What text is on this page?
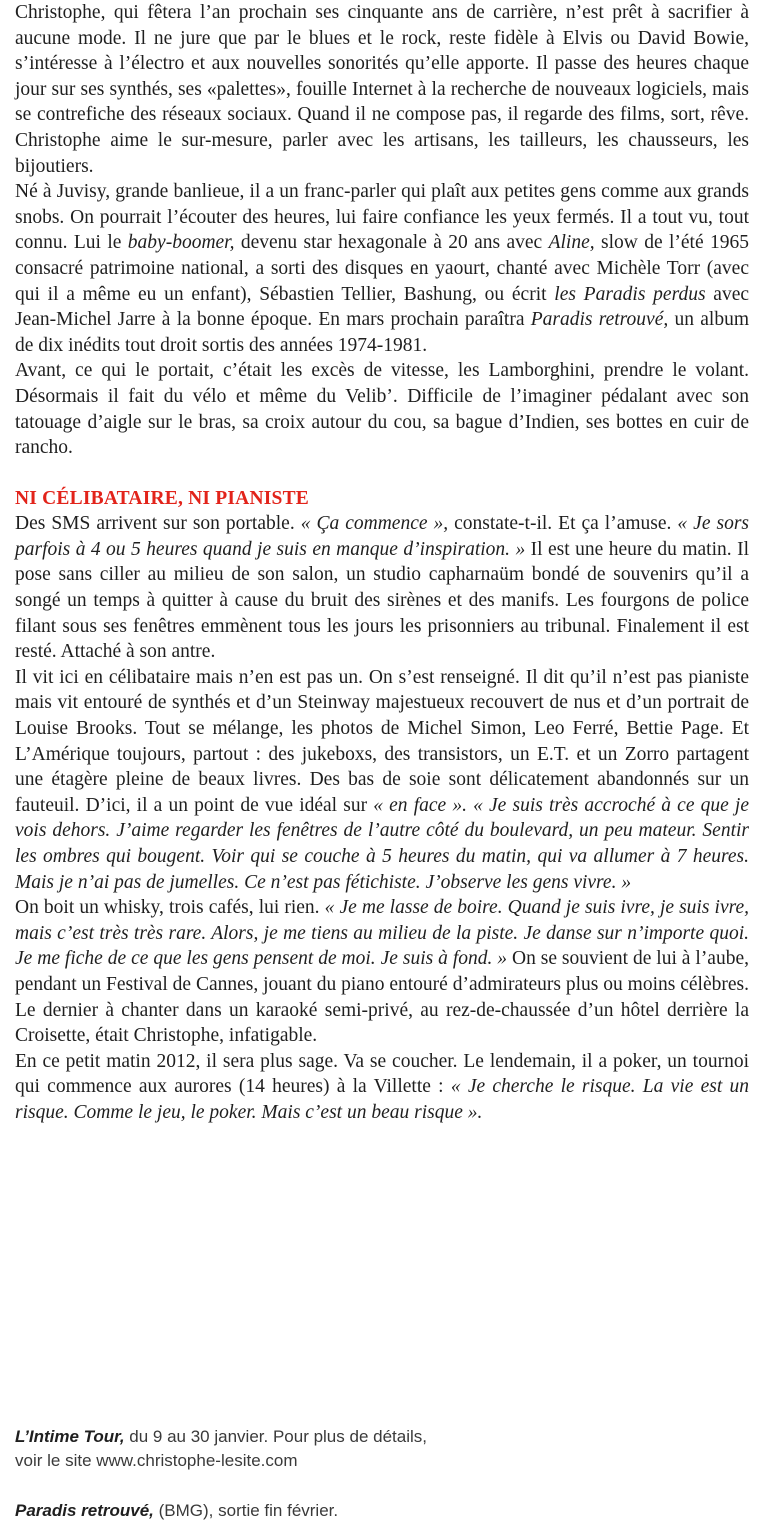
Christophe, qui fêtera l’an prochain ses cinquante ans de carrière, n’est prêt à sacrifier à aucune mode. Il ne jure que par le blues et le rock, reste fidèle à Elvis ou David Bowie, s’intéresse à l’électro et aux nouvelles sonorités qu’elle apporte. Il passe des heures chaque jour sur ses synthés, ses «palettes», fouille Internet à la recherche de nouveaux logiciels, mais se contrefiche des réseaux sociaux. Quand il ne compose pas, il regarde des films, sort, rêve. Christophe aime le sur-mesure, parler avec les artisans, les tailleurs, les chausseurs, les bijoutiers.

Né à Juvisy, grande banlieue, il a un franc-parler qui plaît aux petites gens comme aux grands snobs. On pourrait l’écouter des heures, lui faire confiance les yeux fermés. Il a tout vu, tout connu. Lui le baby-boomer, devenu star hexagonale à 20 ans avec Aline, slow de l’été 1965 consacré patrimoine national, a sorti des disques en yaourt, chanté avec Michèle Torr (avec qui il a même eu un enfant), Sébastien Tellier, Bashung, ou écrit les Paradis perdus avec Jean-Michel Jarre à la bonne époque. En mars prochain paraîtra Paradis retrouvé, un album de dix inédits tout droit sortis des années 1974-1981.

Avant, ce qui le portait, c’était les excès de vitesse, les Lamborghini, prendre le volant. Désormais il fait du vélo et même du Velib’. Difficile de l’imaginer pédalant avec son tatouage d’aigle sur le bras, sa croix autour du cou, sa bague d’Indien, ses bottes en cuir de rancho.

NI CÉLIBATAIRE, NI PIANISTE

Des SMS arrivent sur son portable. « Ça commence », constate-t-il. Et ça l’amuse. « Je sors parfois à 4 ou 5 heures quand je suis en manque d’inspiration. » Il est une heure du matin. Il pose sans ciller au milieu de son salon, un studio capharnaüm bondé de souvenirs qu’il a songé un temps à quitter à cause du bruit des sirènes et des manifs. Les fourgons de police filant sous ses fenêtres emmènent tous les jours les prisonniers au tribunal. Finalement il est resté. Attaché à son antre.

Il vit ici en célibataire mais n’en est pas un. On s’est renseigné. Il dit qu’il n’est pas pianiste mais vit entouré de synthés et d’un Steinway majestueux recouvert de nus et d’un portrait de Louise Brooks. Tout se mélange, les photos de Michel Simon, Leo Ferré, Bettie Page. Et L’Amérique toujours, partout : des jukeboxs, des transistors, un E.T. et un Zorro partagent une étagère pleine de beaux livres. Des bas de soie sont délicatement abandonnés sur un fauteuil. D’ici, il a un point de vue idéal sur « en face ». « Je suis très accroché à ce que je vois dehors. J’aime regarder les fenêtres de l’autre côté du boulevard, un peu mateur. Sentir les ombres qui bougent. Voir qui se couche à 5 heures du matin, qui va allumer à 7 heures. Mais je n’ai pas de jumelles. Ce n’est pas fétichiste. J’observe les gens vivre. »

On boit un whisky, trois cafés, lui rien. « Je me lasse de boire. Quand je suis ivre, je suis ivre, mais c’est très très rare. Alors, je me tiens au milieu de la piste. Je danse sur n’importe quoi. Je me fiche de ce que les gens pensent de moi. Je suis à fond. » On se souvient de lui à l’aube, pendant un Festival de Cannes, jouant du piano entouré d’admirateurs plus ou moins célèbres. Le dernier à chanter dans un karaoké semi-privé, au rez-de-chaussée d’un hôtel derrière la Croisette, était Christophe, infatigable.

En ce petit matin 2012, il sera plus sage. Va se coucher. Le lendemain, il a poker, un tournoi qui commence aux aurores (14 heures) à la Villette : « Je cherche le risque. La vie est un risque. Comme le jeu, le poker. Mais c’est un beau risque ».

L’Intime Tour, du 9 au 30 janvier. Pour plus de détails,
voir le site www.christophe-lesite.com
Paradis retrouvé, (BMG), sortie fin février.
